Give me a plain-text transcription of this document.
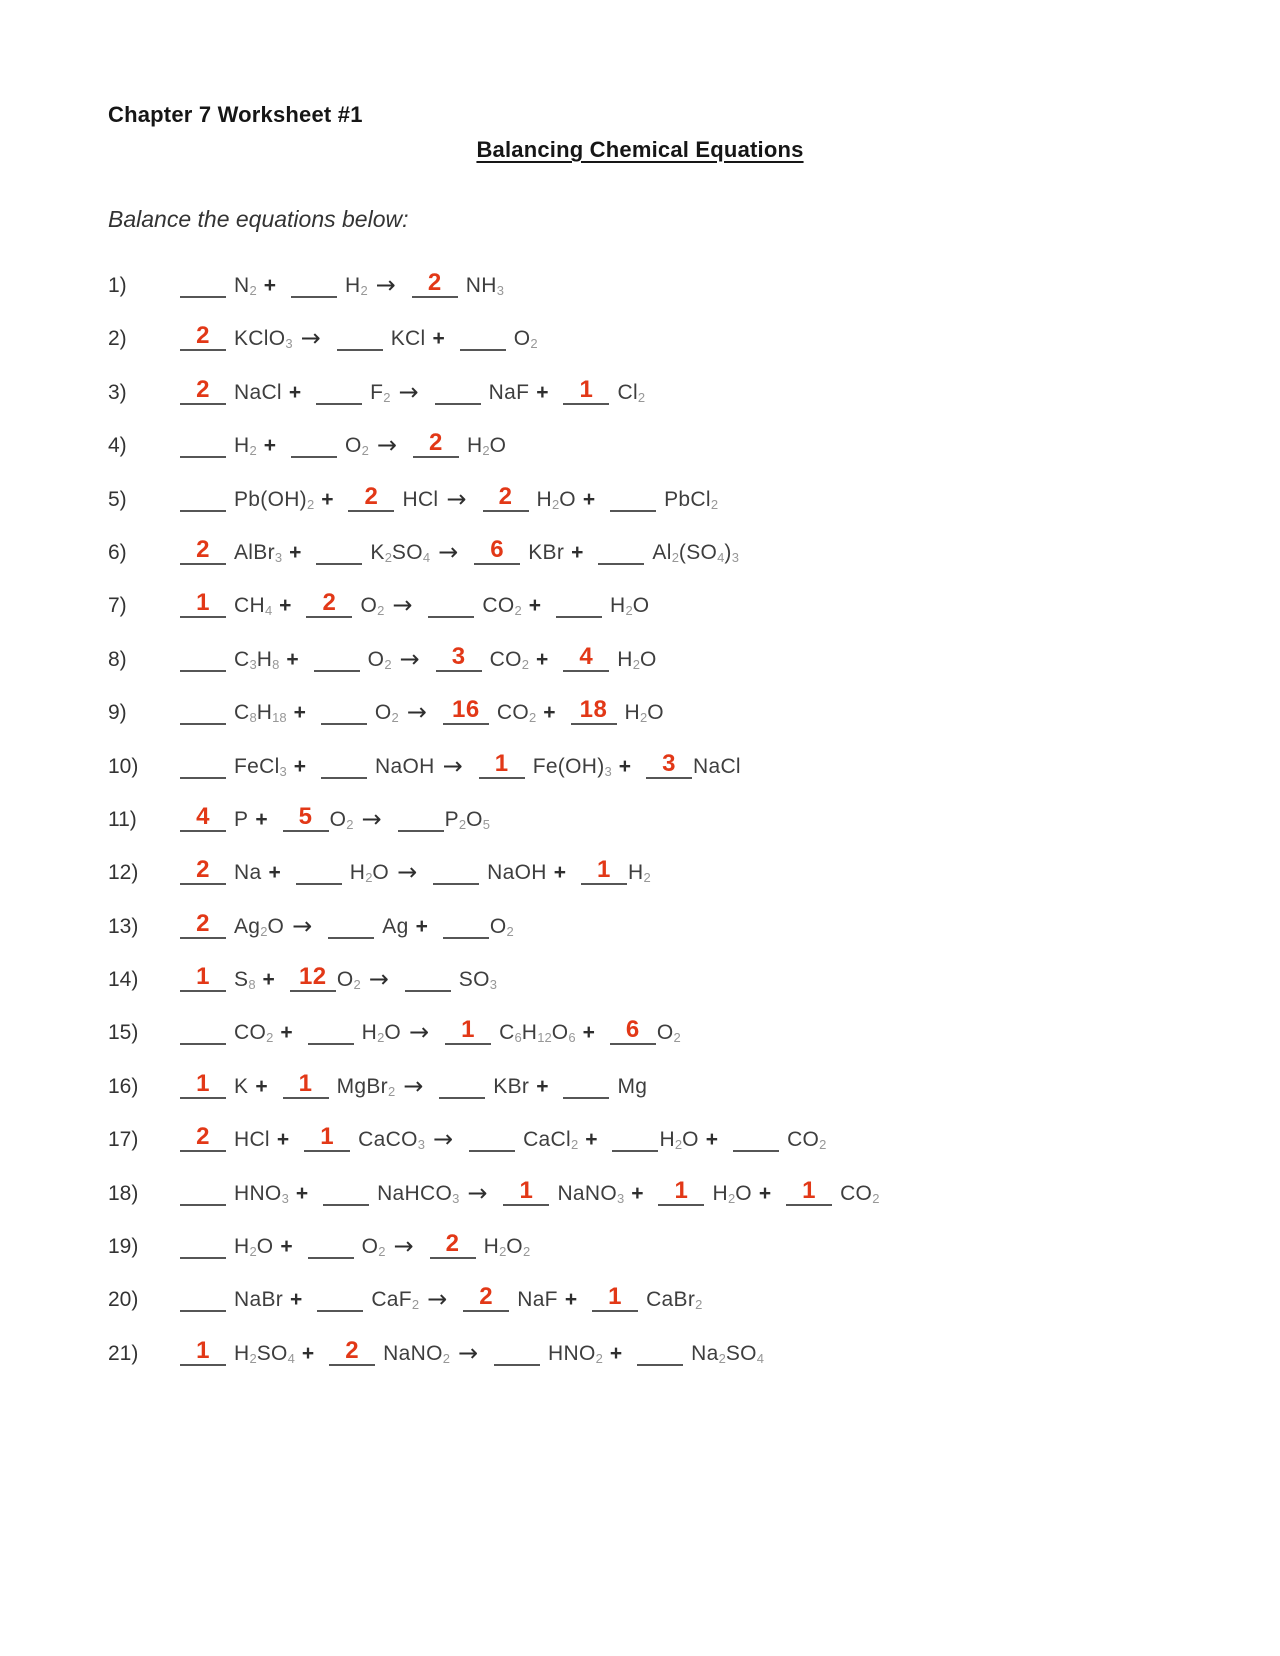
Chapter 7 Worksheet #1
Balancing Chemical Equations
Balance the equations below:
1)	$N_2$ +	$H_2$ →	2	$NH_3$
2)	2	KClO$_3$ →	KCl +	$O_2$
3)	2	NaCl +	$F_2$ →	NaF +	1	$Cl_2$
4)	$H_2$ +	$O_2$ →	2	$H_2O$
5)	$Pb(OH)_2$ +	2	HCl →	2	$H_2O$ +	PbCl$_2$
6)	2	AlBr$_3$ +	$K_2SO_4$ →	6	KBr +	$Al_2(SO_4)_3$
7)	1	$CH_4$ +	2	$O_2$ →	$CO_2$ +	$H_2O$
8)	$C_3H_8$ +	$O_2$ →	3	$CO_2$ +	4	$H_2O$
9)	$C_8H_{18}$ +	$O_2$ →	16 $CO_2$ +	18 $H_2O$
10)	FeCl$_3$ +	NaOH →	1	$Fe(OH)_3$ +	3 NaCl
11)	4	P +	5 $O_2$ →	$P_2O_5$
12)	2	Na +	$H_2O$ →	NaOH +	1 $H_2$
13)	2	$Ag_2O$ →	Ag +	$O_2$
14)	1	$S_8$ +	12 $O_2$ →	$SO_3$
15)	$CO_2$ +	$H_2O$ →	1	$C_6H_{12}O_6$ +	6 $O_2$
16)	1	K +	1	MgBr$_2$ →	KBr +	Mg
17)	2	HCl +	1	CaCO$_3$ →	CaCl$_2$ +	$H_2O$ +	$CO_2$
18)	$HNO_3$ +	NaHCO$_3$ →	1	NaNO$_3$ +	1	$H_2O$ +	1	$CO_2$
19)	$H_2O$ +	$O_2$ →	2	$H_2O_2$
20)	NaBr +	CaF$_2$ →	2	NaF +	1	CaBr$_2$
21)	1	$H_2SO_4$ +	2	NaNO$_2$ →	$HNO_2$ +	$Na_2SO_4$
